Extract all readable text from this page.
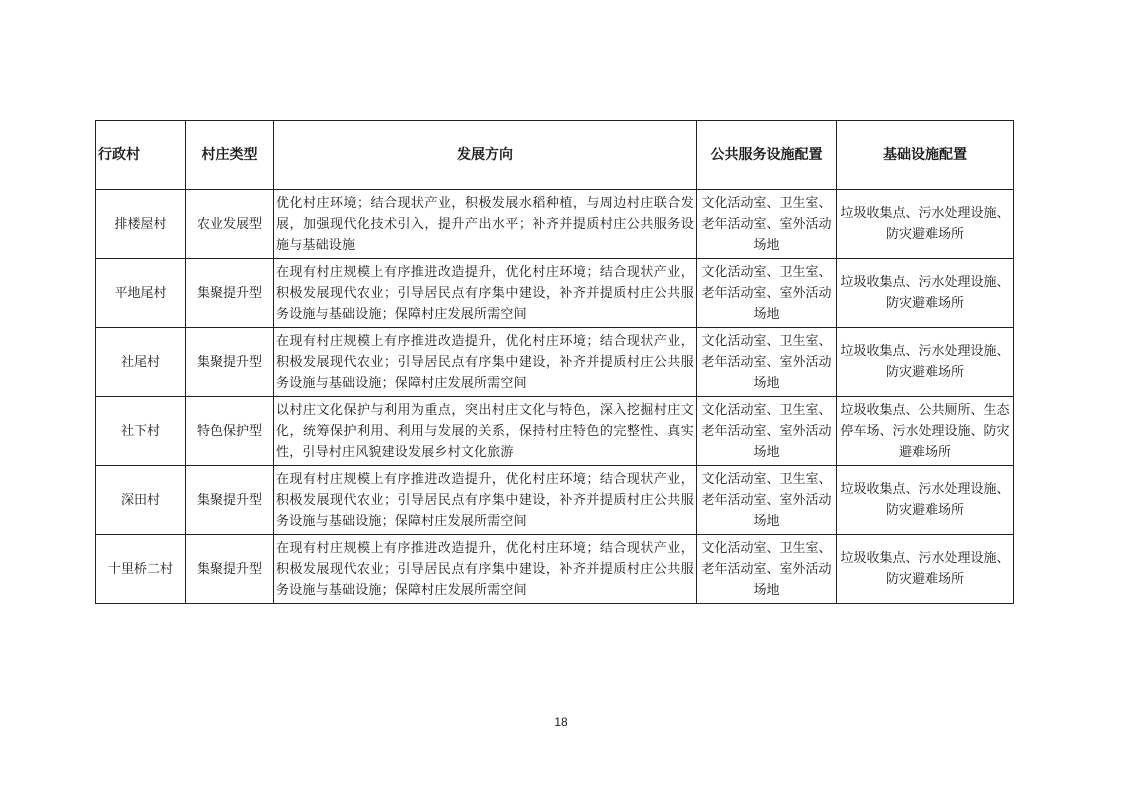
行政村	村庄类型	发展方向	公共服务设施配置	基础设施配置
排楼屋村	农业发展型	优化村庄环境；结合现状产业，积极发展水稻种植，与周边村庄联合发展，加强现代化技术引入，提升产出水平；补齐并提质村庄公共服务设施与基础设施	文化活动室、卫生室、老年活动室、室外活动场地	垃圾收集点、污水处理设施、防灾避难场所
平地尾村	集聚提升型	在现有村庄规模上有序推进改造提升，优化村庄环境；结合现状产业，积极发展现代农业；引导居民点有序集中建设，补齐并提质村庄公共服务设施与基础设施；保障村庄发展所需空间	文化活动室、卫生室、老年活动室、室外活动场地	垃圾收集点、污水处理设施、防灾避难场所
社尾村	集聚提升型	在现有村庄规模上有序推进改造提升，优化村庄环境；结合现状产业，积极发展现代农业；引导居民点有序集中建设，补齐并提质村庄公共服务设施与基础设施；保障村庄发展所需空间	文化活动室、卫生室、老年活动室、室外活动场地	垃圾收集点、污水处理设施、防灾避难场所
社下村	特色保护型	以村庄文化保护与利用为重点，突出村庄文化与特色，深入挖掘村庄文化，统筹保护利用、利用与发展的关系，保持村庄特色的完整性、真实性，引导村庄风貌建设发展乡村文化旅游	文化活动室、卫生室、老年活动室、室外活动场地	垃圾收集点、公共厕所、生态停车场、污水处理设施、防灾避难场所
深田村	集聚提升型	在现有村庄规模上有序推进改造提升，优化村庄环境；结合现状产业，积极发展现代农业；引导居民点有序集中建设，补齐并提质村庄公共服务设施与基础设施；保障村庄发展所需空间	文化活动室、卫生室、老年活动室、室外活动场地	垃圾收集点、污水处理设施、防灾避难场所
十里桥二村	集聚提升型	在现有村庄规模上有序推进改造提升，优化村庄环境；结合现状产业，积极发展现代农业；引导居民点有序集中建设，补齐并提质村庄公共服务设施与基础设施；保障村庄发展所需空间	文化活动室、卫生室、老年活动室、室外活动场地	垃圾收集点、污水处理设施、防灾避难场所
18
